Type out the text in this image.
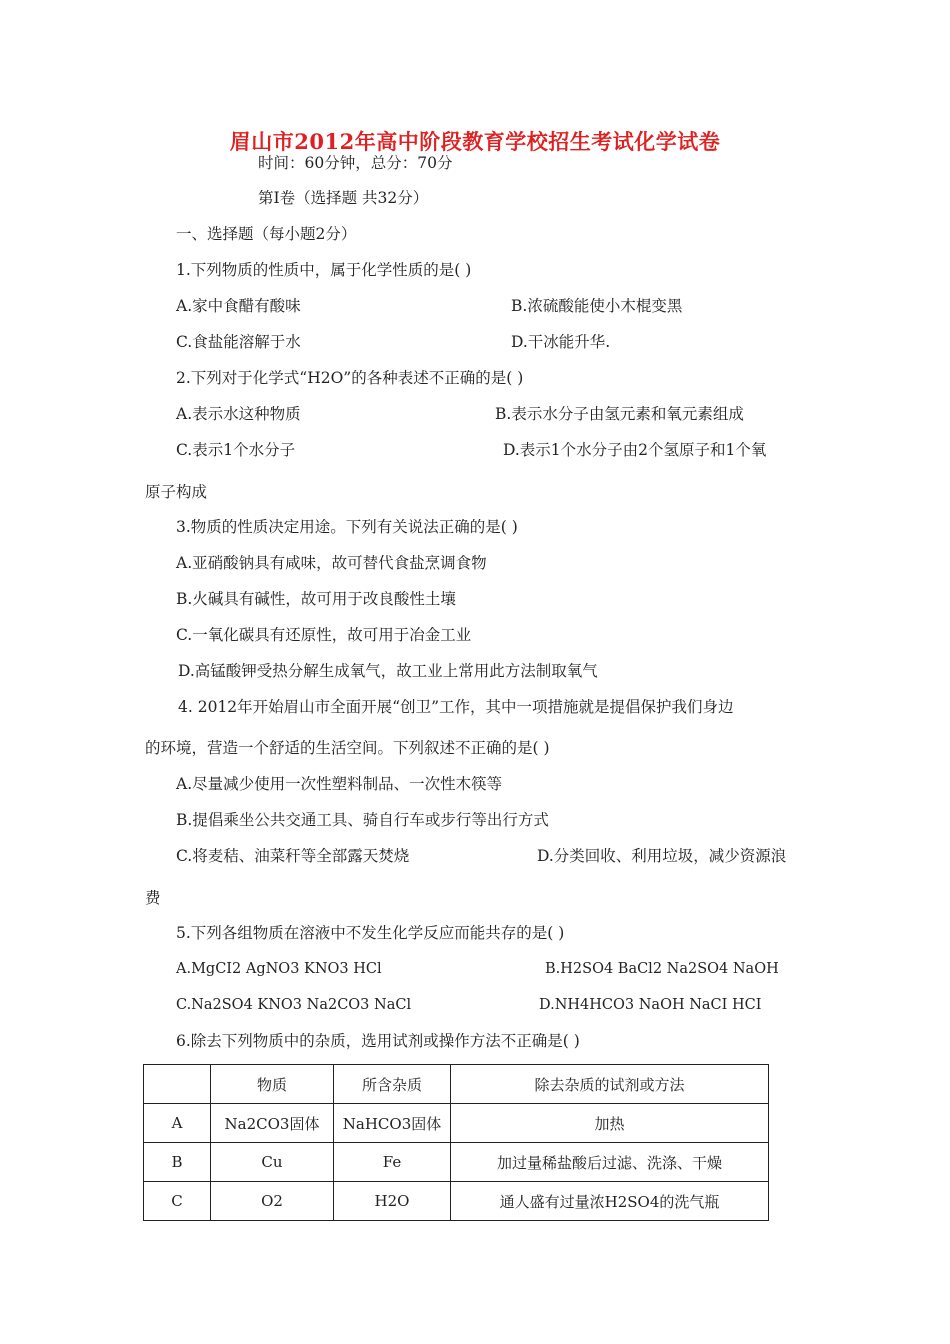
眉山市2012年高中阶段教育学校招生考试化学试卷
时间：60分钟，总分：70分
第Ⅰ卷（选择题 共32分）
一、选择题（每小题2分）
1.下列物质的性质中，属于化学性质的是( )
A.家中食醋有酸味	B.浓硫酸能使小木棍变黑
C.食盐能溶解于水	D.干冰能升华.
2.下列对于化学式“H2O”的各种表述不正确的是( )
A.表示水这种物质	B.表示水分子由氢元素和氧元素组成
C.表示1个水分子	D.表示1个水分子由2个氢原子和1个氧
原子构成
3.物质的性质决定用途。下列有关说法正确的是( )
A.亚硝酸钠具有咸味，故可替代食盐烹调食物
B.火碱具有碱性，故可用于改良酸性土壤
C.一氧化碳具有还原性，故可用于冶金工业
D.高锰酸钾受热分解生成氧气，故工业上常用此方法制取氧气
4. 2012年开始眉山市全面开展“创卫”工作，其中一项措施就是提倡保护我们身边
的环境，营造一个舒适的生活空间。下列叙述不正确的是( )
A.尽量减少使用一次性塑料制品、一次性木筷等
B.提倡乘坐公共交通工具、骑自行车或步行等出行方式
C.将麦秸、油菜秆等全部露天焚烧	D.分类回收、利用垃圾，减少资源浪
费
5.下列各组物质在溶液中不发生化学反应而能共存的是( )
A.MgCI2 AgNO3 KNO3 HCl	B.H2SO4 BaCl2 Na2SO4 NaOH
C.Na2SO4 KNO3 Na2CO3 NaCl	D.NH4HCO3 NaOH NaCI HCI
6.除去下列物质中的杂质，选用试剂或操作方法不正确是( )
	物质	所含杂质	除去杂质的试剂或方法
A	Na2CO3固体	NaHCO3固体	加热
B	Cu	Fe	加过量稀盐酸后过滤、洗涤、干燥
C	O2	H2O	通人盛有过量浓H2SO4的洗气瓶
